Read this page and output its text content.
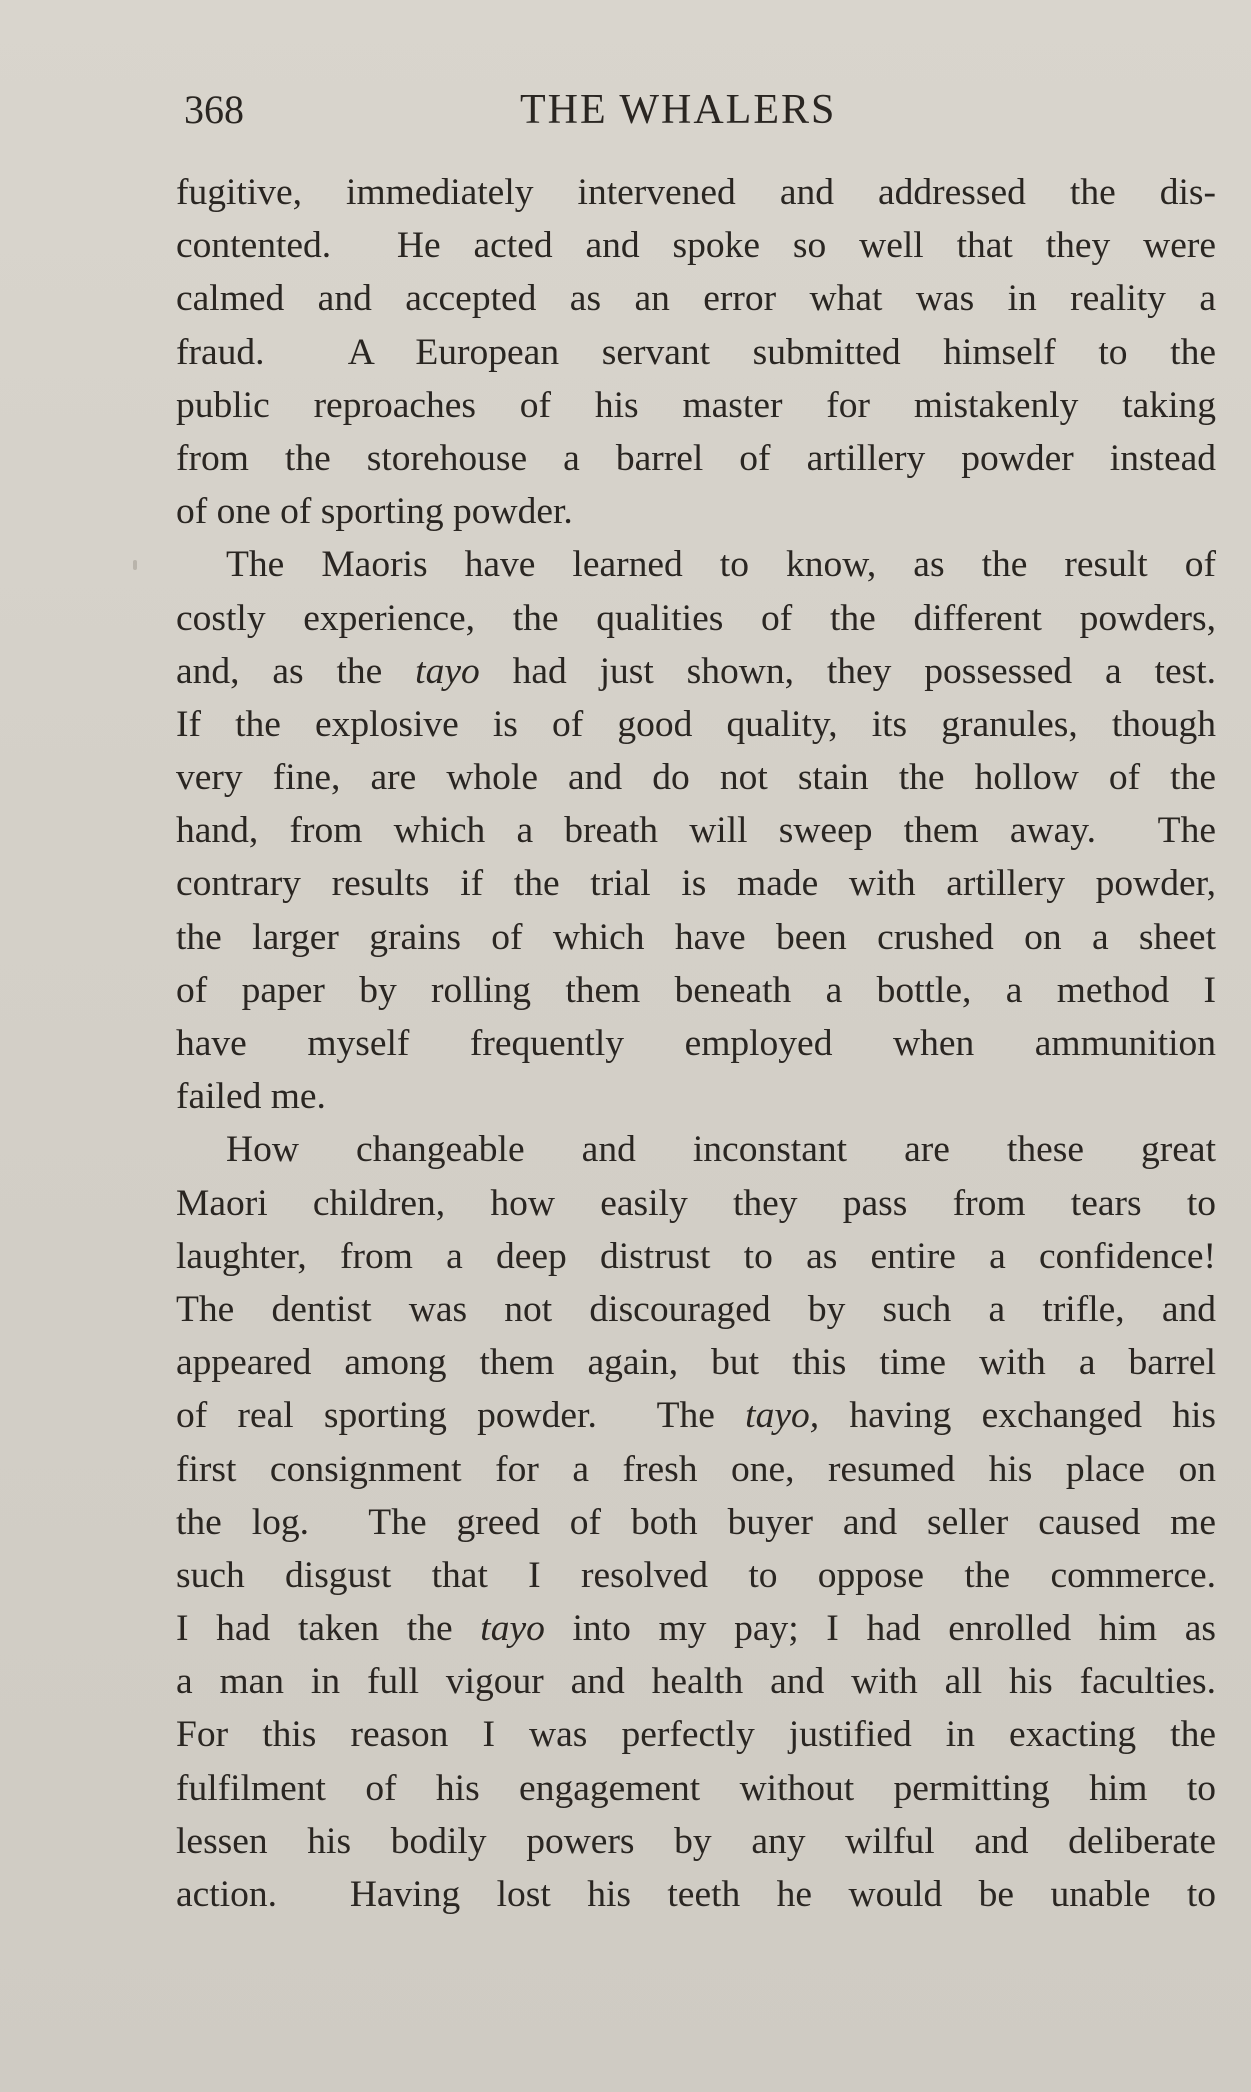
368	THE WHALERS
fugitive, immediately intervened and addressed the dis-
contented.  He acted and spoke so well that they were
calmed and accepted as an error what was in reality a
fraud.  A European servant submitted himself to the
public reproaches of his master for mistakenly taking
from the storehouse a barrel of artillery powder instead
of one of sporting powder.
The Maoris have learned to know, as the result of
costly experience, the qualities of the different powders,
and, as the tayo had just shown, they possessed a test.
If the explosive is of good quality, its granules, though
very fine, are whole and do not stain the hollow of the
hand, from which a breath will sweep them away.  The
contrary results if the trial is made with artillery powder,
the larger grains of which have been crushed on a sheet
of paper by rolling them beneath a bottle, a method I
have myself frequently employed when ammunition
failed me.
How changeable and inconstant are these great
Maori children, how easily they pass from tears to
laughter, from a deep distrust to as entire a confidence!
The dentist was not discouraged by such a trifle, and
appeared among them again, but this time with a barrel
of real sporting powder.  The tayo, having exchanged his
first consignment for a fresh one, resumed his place on
the log.  The greed of both buyer and seller caused me
such disgust that I resolved to oppose the commerce.
I had taken the tayo into my pay; I had enrolled him as
a man in full vigour and health and with all his faculties.
For this reason I was perfectly justified in exacting the
fulfilment of his engagement without permitting him to
lessen his bodily powers by any wilful and deliberate
action.  Having lost his teeth he would be unable to
